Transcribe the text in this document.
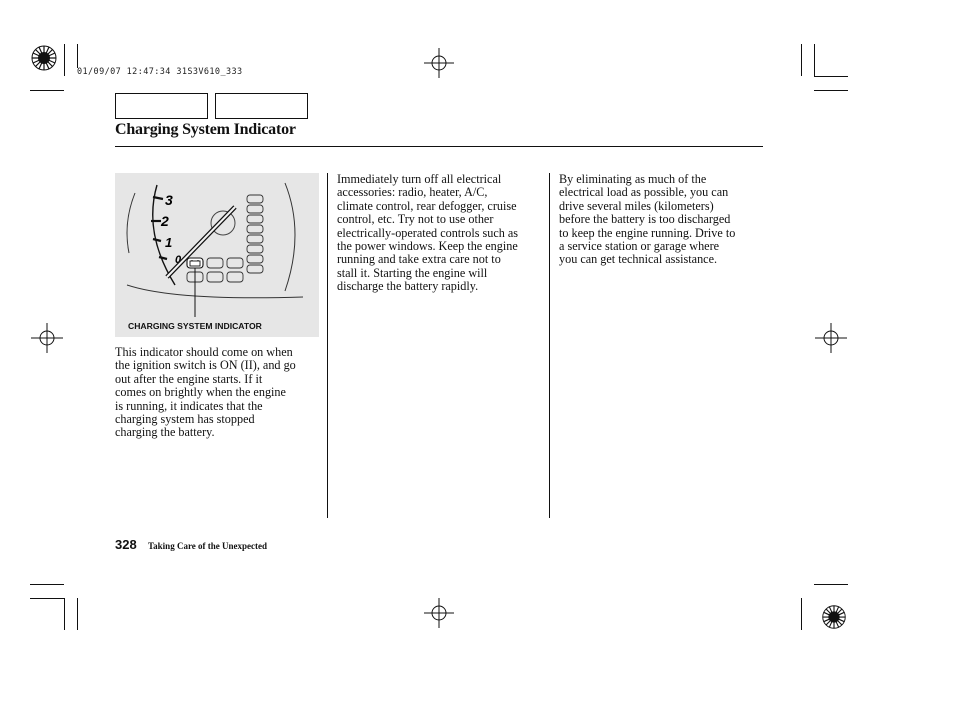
01/09/07 12:47:34 31S3V610_333
Charging System Indicator
3
2
1
0
CHARGING SYSTEM INDICATOR
This indicator should come on when
the ignition switch is ON (II), and go
out after the engine starts. If it
comes on brightly when the engine
is running, it indicates that the
charging system has stopped
charging the battery.
Immediately turn off all electrical
accessories: radio, heater, A/C,
climate control, rear defogger, cruise
control, etc. Try not to use other
electrically-operated controls such as
the power windows. Keep the engine
running and take extra care not to
stall it. Starting the engine will
discharge the battery rapidly.
By eliminating as much of the
electrical load as possible, you can
drive several miles (kilometers)
before the battery is too discharged
to keep the engine running. Drive to
a service station or garage where
you can get technical assistance.
328 Taking Care of the Unexpected
